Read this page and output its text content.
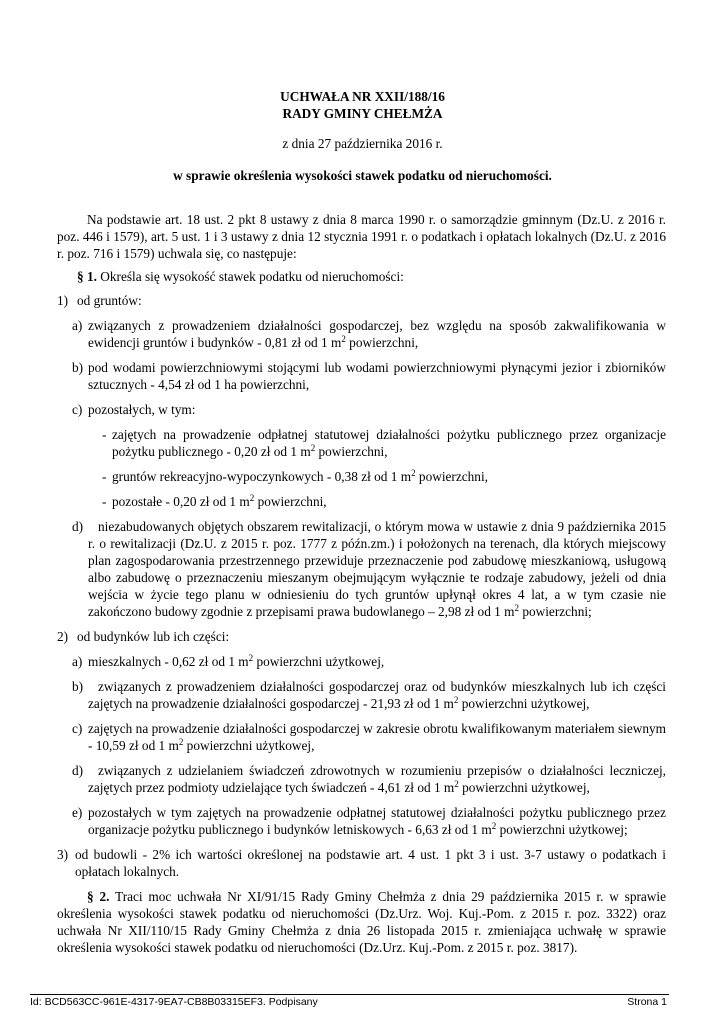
UCHWAŁA NR XXII/188/16
RADY GMINY CHEŁMŻA
z dnia 27 października 2016 r.
w sprawie określenia wysokości stawek podatku od nieruchomości.

Na podstawie art. 18 ust. 2 pkt 8 ustawy z dnia 8 marca 1990 r. o samorządzie gminnym (Dz.U. z 2016 r. poz. 446 i 1579), art. 5 ust. 1 i 3 ustawy z dnia 12 stycznia 1991 r. o podatkach i opłatach lokalnych (Dz.U. z 2016 r. poz. 716 i 1579) uchwala się, co następuje:

§ 1. Określa się wysokość stawek podatku od nieruchomości:

1) od gruntów:
a) związanych z prowadzeniem działalności gospodarczej, bez względu na sposób zakwalifikowania w ewidencji gruntów i budynków - 0,81 zł od 1 $m^2$ powierzchni,

b) pod wodami powierzchniowymi stojącymi lub wodami powierzchniowymi płynącymi jezior i zbiorników sztucznych - 4,54 zł od 1 ha powierzchni,

c) pozostałych, w tym:

- zajętych na prowadzenie odpłatnej statutowej działalności pożytku publicznego przez organizacje pożytku publicznego - 0,20 zł od 1 $m^2$ powierzchni,

- gruntów rekreacyjno-wypoczynkowych - 0,38 zł od 1 $m^2$ powierzchni,

- pozostałe - 0,20 zł od 1 $m^2$ powierzchni,

d)	niezabudowanych objętych obszarem rewitalizacji, o którym mowa w ustawie z dnia 9 października 2015 r. o rewitalizacji (Dz.U. z 2015 r. poz. 1777 z późn.zm.) i położonych na terenach, dla których miejscowy plan zagospodarowania przestrzennego przewiduje przeznaczenie pod zabudowę mieszkaniową, usługową albo zabudowę o przeznaczeniu mieszanym obejmującym wyłącznie te rodzaje zabudowy, jeżeli od dnia wejścia w życie tego planu w odniesieniu do tych gruntów upłynął okres 4 lat, a w tym czasie nie zakończono budowy zgodnie z przepisami prawa budowlanego – 2,98 zł od 1 $m^2$ powierzchni;

2) od budynków lub ich części:
a) mieszkalnych - 0,62 zł od 1 $m^2$ powierzchni użytkowej,

b)	związanych z prowadzeniem działalności gospodarczej oraz od budynków mieszkalnych lub ich części zajętych na prowadzenie działalności gospodarczej - 21,93 zł od 1 $m^2$ powierzchni użytkowej,

c) zajętych na prowadzenie działalności gospodarczej w zakresie obrotu kwalifikowanym materiałem siewnym - 10,59 zł od 1 $m^2$ powierzchni użytkowej,

d)	związanych z udzielaniem świadczeń zdrowotnych w rozumieniu przepisów o działalności leczniczej, zajętych przez podmioty udzielające tych świadczeń - 4,61 zł od 1 $m^2$ powierzchni użytkowej,

e) pozostałych w tym zajętych na prowadzenie odpłatnej statutowej działalności pożytku publicznego przez organizacje pożytku publicznego i budynków letniskowych - 6,63 zł od 1 $m^2$ powierzchni użytkowej;

3) od budowli - 2% ich wartości określonej na podstawie art. 4 ust. 1 pkt 3 i ust. 3-7 ustawy o podatkach i opłatach lokalnych.

§ 2. Traci moc uchwała Nr XI/91/15 Rady Gminy Chełmża z dnia 29 października 2015 r. w sprawie określenia wysokości stawek podatku od nieruchomości (Dz.Urz. Woj. Kuj.-Pom. z 2015 r. poz. 3322) oraz uchwała Nr XII/110/15 Rady Gminy Chełmża z dnia 26 listopada 2015 r. zmieniająca uchwałę w sprawie określenia wysokości stawek podatku od nieruchomości (Dz.Urz. Kuj.-Pom. z 2015 r. poz. 3817).

Id: BCD563CC-961E-4317-9EA7-CB8B03315EF3. Podpisany	Strona 1
